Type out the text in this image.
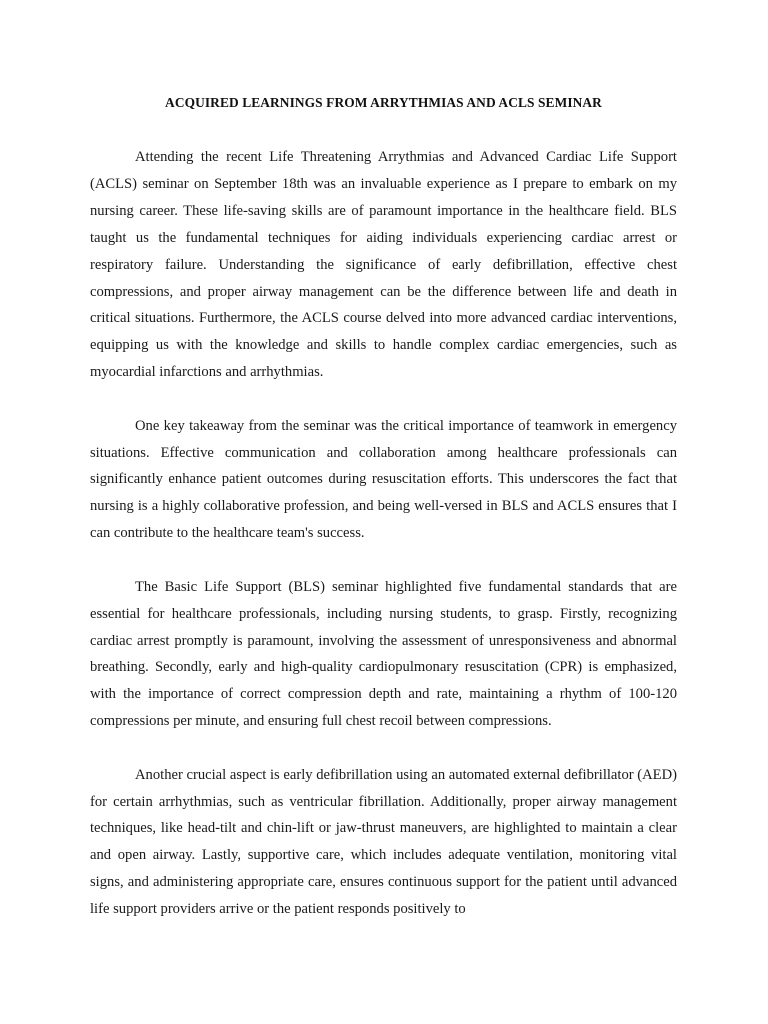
ACQUIRED LEARNINGS FROM ARRYTHMIAS AND ACLS SEMINAR

Attending the recent Life Threatening Arrythmias and Advanced Cardiac Life Support (ACLS) seminar on September 18th was an invaluable experience as I prepare to embark on my nursing career. These life-saving skills are of paramount importance in the healthcare field. BLS taught us the fundamental techniques for aiding individuals experiencing cardiac arrest or respiratory failure. Understanding the significance of early defibrillation, effective chest compressions, and proper airway management can be the difference between life and death in critical situations. Furthermore, the ACLS course delved into more advanced cardiac interventions, equipping us with the knowledge and skills to handle complex cardiac emergencies, such as myocardial infarctions and arrhythmias.

One key takeaway from the seminar was the critical importance of teamwork in emergency situations. Effective communication and collaboration among healthcare professionals can significantly enhance patient outcomes during resuscitation efforts. This underscores the fact that nursing is a highly collaborative profession, and being well-versed in BLS and ACLS ensures that I can contribute to the healthcare team's success.

The Basic Life Support (BLS) seminar highlighted five fundamental standards that are essential for healthcare professionals, including nursing students, to grasp. Firstly, recognizing cardiac arrest promptly is paramount, involving the assessment of unresponsiveness and abnormal breathing. Secondly, early and high-quality cardiopulmonary resuscitation (CPR) is emphasized, with the importance of correct compression depth and rate, maintaining a rhythm of 100-120 compressions per minute, and ensuring full chest recoil between compressions.

Another crucial aspect is early defibrillation using an automated external defibrillator (AED) for certain arrhythmias, such as ventricular fibrillation. Additionally, proper airway management techniques, like head-tilt and chin-lift or jaw-thrust maneuvers, are highlighted to maintain a clear and open airway. Lastly, supportive care, which includes adequate ventilation, monitoring vital signs, and administering appropriate care, ensures continuous support for the patient until advanced life support providers arrive or the patient responds positively to
